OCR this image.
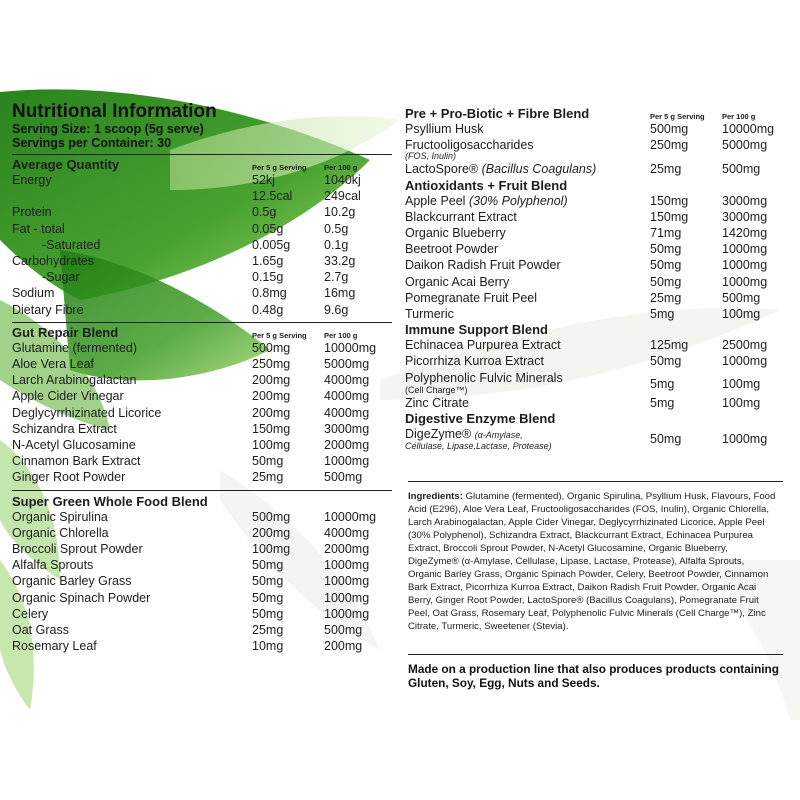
Nutritional Information
Serving Size: 1 scoop (5g serve)
Servings per Container: 30
Average Quantity	Per 5 g Serving	Per 100 g
Energy	52kj	1040kj
12.5cal	249cal
Protein	0.5g	10.2g
Fat - total	0.05g	0.5g
-Saturated	0.005g	0.1g
Carbohydrates	1.65g	33.2g
-Sugar	0.15g	2.7g
Sodium	0.8mg	16mg
Dietary Fibre	0.48g	9.6g
Gut Repair Blend	Per 5 g Serving	Per 100 g
Glutamine (fermented)	500mg	10000mg
Aloe Vera Leaf	250mg	5000mg
Larch Arabinogalactan	200mg	4000mg
Apple Cider Vinegar	200mg	4000mg
Deglycyrrhizinated Licorice	200mg	4000mg
Schizandra Extract	150mg	3000mg
N-Acetyl Glucosamine	100mg	2000mg
Cinnamon Bark Extract	50mg	1000mg
Ginger Root Powder	25mg	500mg
Super Green Whole Food Blend
Organic Spirulina	500mg	10000mg
Organic Chlorella	200mg	4000mg
Broccoli Sprout Powder	100mg	2000mg
Alfalfa Sprouts	50mg	1000mg
Organic Barley Grass	50mg	1000mg
Organic Spinach Powder	50mg	1000mg
Celery	50mg	1000mg
Oat Grass	25mg	500mg
Rosemary Leaf	10mg	200mg
Pre + Pro-Biotic + Fibre Blend	Per 5 g Serving	Per 100 g
Psyllium Husk	500mg	10000mg
Fructooligosaccharides
(FOS, Inulin)
250mg	5000mg
LactoSpore® (Bacillus Coagulans)	25mg	500mg
Antioxidants + Fruit Blend
Apple Peel (30% Polyphenol)	150mg	3000mg
Blackcurrant Extract	150mg	3000mg
Organic Blueberry	71mg	1420mg
Beetroot Powder	50mg	1000mg
Daikon Radish Fruit Powder	50mg	1000mg
Organic Acai Berry	50mg	1000mg
Pomegranate Fruit Peel	25mg	500mg
Turmeric	5mg	100mg
Immune Support Blend
Echinacea Purpurea Extract	125mg	2500mg
Picorrhiza Kurroa Extract	50mg	1000mg
Polyphenolic Fulvic Minerals
(Cell Charge™)	5mg	100mg
Zinc Citrate	5mg	100mg
Digestive Enzyme Blend
DigeZyme® (α-Amylase,
Cellulase, Lipase,Lactase, Protease)
50mg	1000mg
Ingredients: Glutamine (fermented), Organic Spirulina, Psyllium Husk, Flavours, Food Acid (E296), Aloe Vera Leaf, Fructooligosaccharides (FOS, Inulin), Organic Chlorella, Larch Arabinogalactan, Apple Cider Vinegar, Deglycyrrhizinated Licorice, Apple Peel (30% Polyphenol), Schizandra Extract, Blackcurrant Extract, Echinacea Purpurea Extract, Broccoli Sprout Powder, N-Acetyl Glucosamine, Organic Blueberry, DigeZyme® (α-Amylase, Cellulase, Lipase, Lactase, Protease), Alfalfa Sprouts, Organic Barley Grass, Organic Spinach Powder, Celery, Beetroot Powder, Cinnamon Bark Extract, Picorrhiza Kurroa Extract, Daikon Radish Fruit Powder, Organic Acai Berry, Ginger Root Powder, LactoSpore® (Bacillus Coagulans), Pomegranate Fruit Peel, Oat Grass, Rosemary Leaf, Polyphenolic Fulvic Minerals (Cell Charge™), Zinc Citrate, Turmeric, Sweetener (Stevia).
Made on a production line that also produces products containing Gluten, Soy, Egg, Nuts and Seeds.
